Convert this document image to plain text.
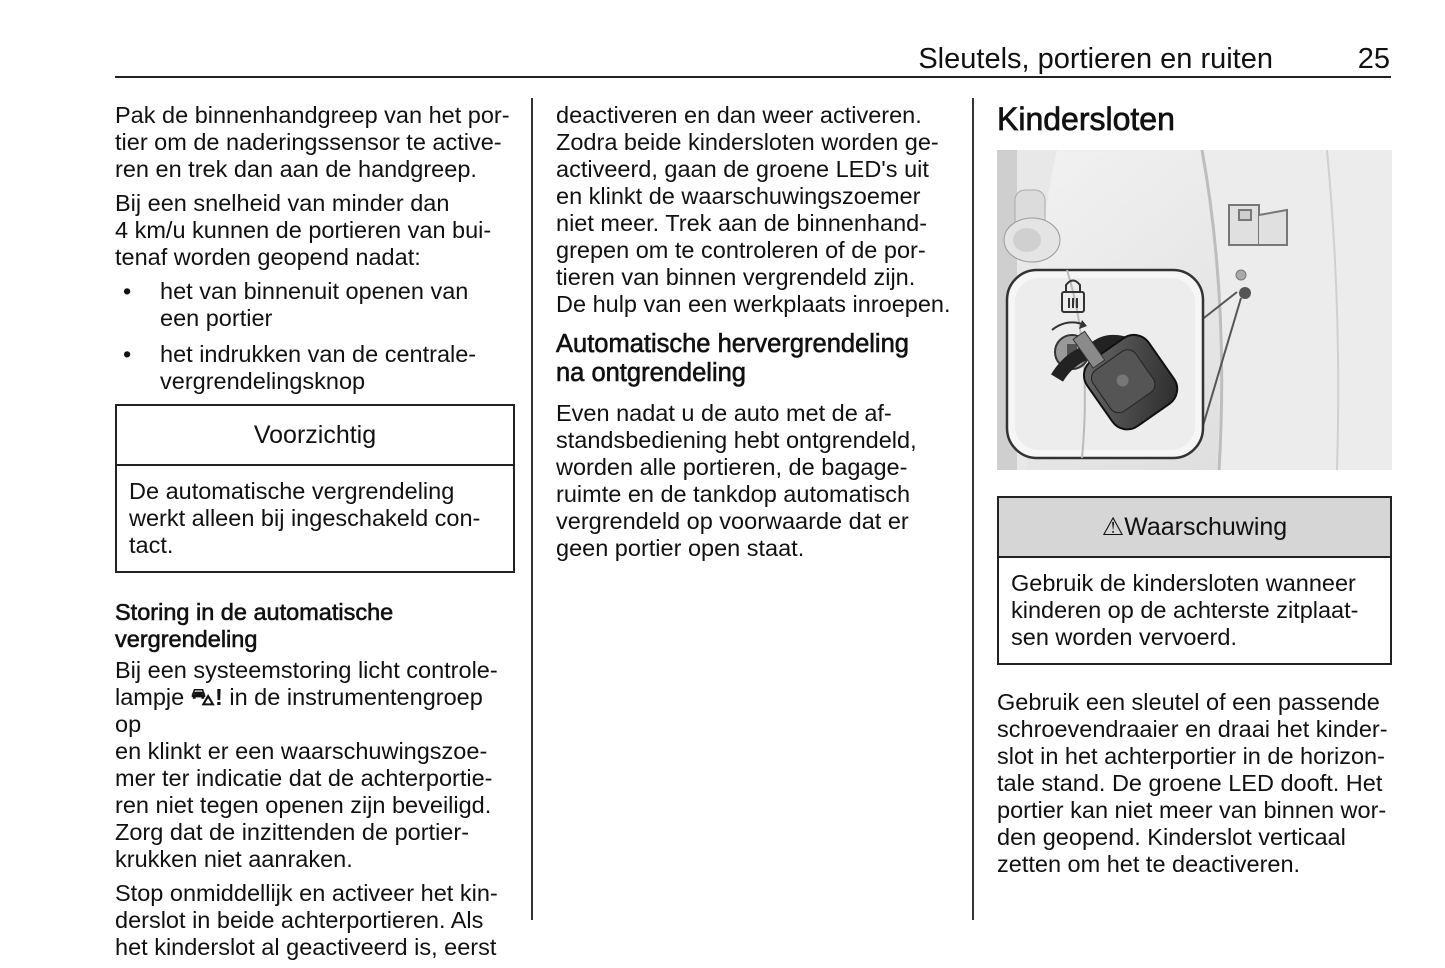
Sleutels, portieren en ruiten	25

Pak de binnenhandgreep van het por-
tier om de naderingssensor te active-
ren en trek dan aan de handgreep.

Bij een snelheid van minder dan
4 km/u kunnen de portieren van bui-
tenaf worden geopend nadat:

• het van binnenuit openen van
een portier
• het indrukken van de centrale-
vergrendelingsknop
Voorzichtig
De automatische vergrendeling
werkt alleen bij ingeschakeld con-
tact.
Storing in de automatische
vergrendeling

Bij een systeemstoring licht controle-
lampje ⛍! in de instrumentengroep op
en klinkt er een waarschuwingszoe-
mer ter indicatie dat de achterportie-
ren niet tegen openen zijn beveiligd.
Zorg dat de inzittenden de portier-
krukken niet aanraken.

Stop onmiddellijk en activeer het kin-
derslot in beide achterportieren. Als
het kinderslot al geactiveerd is, eerst

deactiveren en dan weer activeren.
Zodra beide kindersloten worden ge-
activeerd, gaan de groene LED's uit
en klinkt de waarschuwingszoemer
niet meer. Trek aan de binnenhand-
grepen om te controleren of de por-
tieren van binnen vergrendeld zijn.
De hulp van een werkplaats inroepen.

Automatische hervergrendeling
na ontgrendeling

Even nadat u de auto met de af-
standsbediening hebt ontgrendeld,
worden alle portieren, de bagage-
ruimte en de tankdop automatisch
vergrendeld op voorwaarde dat er
geen portier open staat.

Kindersloten
⚠Waarschuwing
Gebruik de kindersloten wanneer
kinderen op de achterste zitplaat-
sen worden vervoerd.

Gebruik een sleutel of een passende
schroevendraaier en draai het kinder-
slot in het achterportier in de horizon-
tale stand. De groene LED dooft. Het
portier kan niet meer van binnen wor-
den geopend. Kinderslot verticaal
zetten om het te deactiveren.
